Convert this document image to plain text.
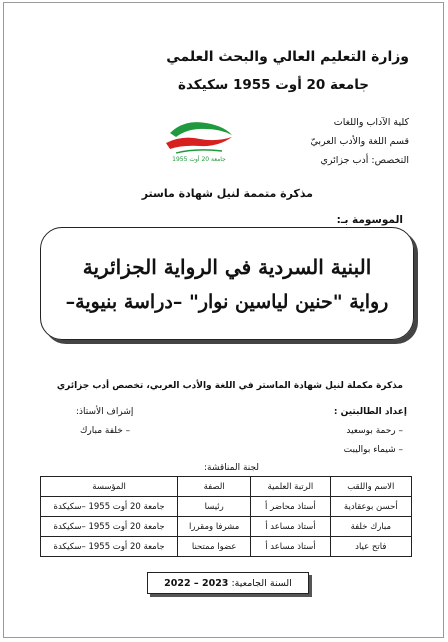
وزارة التعليم العالي والبحث العلمي
جامعة 20 أوت 1955 سكيكدة
كلية الآداب واللغات
قسم اللغة والأدب العربيّ
التخصص: أدب جزائري
جامعة 20 أوت 1955
مذكرة متممة لنيل شهادة ماستر
الموسومة بـ:
البنية السردية في الرواية الجزائرية
رواية "حنين لياسين نوار" –دراسة بنيوية–
مذكرة مكملة لنيل شهادة الماستر في اللغة والأدب العربي، تخصص أدب جزائري
إعداد الطالبتين :
– رحمة بوسعيد
– شيماء بواليبت
إشراف الأستاذ:
– خلفة مبارك
لجنة المناقشة:
الاسم واللقب	الرتبة العلمية	الصفة	المؤسسة
أحسن بوعقادية	أستاذ محاضر أ	رئيسا	جامعة 20 أوت 1955 –سكيكدة
مبارك خلفة	أستاذ مساعد أ	مشرفا ومقررا	جامعة 20 أوت 1955 –سكيكدة
فاتح عياد	أستاذ مساعد أ	عضوا ممتحنا	جامعة 20 أوت 1955 –سكيكدة
السنة الجامعية:

2022 – 2023
